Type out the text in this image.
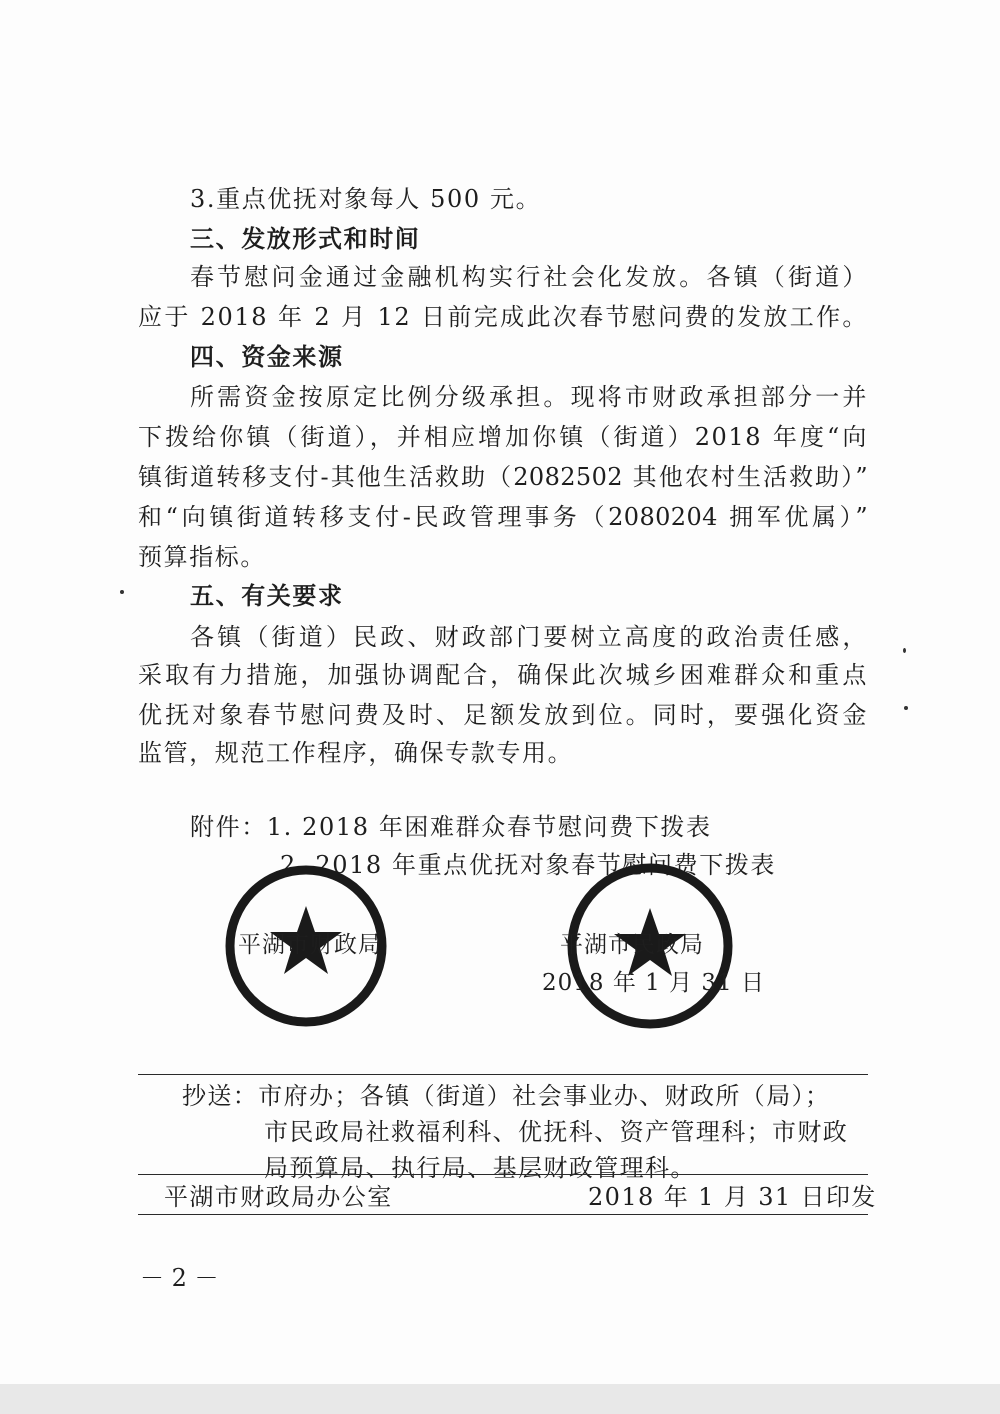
3.重点优抚对象每人 500 元。
三、发放形式和时间
春节慰问金通过金融机构实行社会化发放。各镇（街道）
应于 2018 年 2 月 12 日前完成此次春节慰问费的发放工作。
四、资金来源
所需资金按原定比例分级承担。现将市财政承担部分一并
下拨给你镇（街道），并相应增加你镇（街道）2018 年度“向
镇街道转移支付-其他生活救助（2082502 其他农村生活救助）”
和“向镇街道转移支付-民政管理事务（2080204 拥军优属）”
预算指标。
五、有关要求
各镇（街道）民政、财政部门要树立高度的政治责任感，
采取有力措施，加强协调配合，确保此次城乡困难群众和重点
优抚对象春节慰问费及时、足额发放到位。同时，要强化资金
监管，规范工作程序，确保专款专用。
附件：1. 2018 年困难群众春节慰问费下拨表
2. 2018 年重点优抚对象春节慰问费下拨表
平湖市财政局	平湖市民政局
2018 年 1 月 31 日
抄送：市府办；各镇（街道）社会事业办、财政所（局）；
市民政局社救福利科、优抚科、资产管理科；市财政
局预算局、执行局、基层财政管理科。
平湖市财政局办公室	2018 年 1 月 31 日印发
－ 2 －
